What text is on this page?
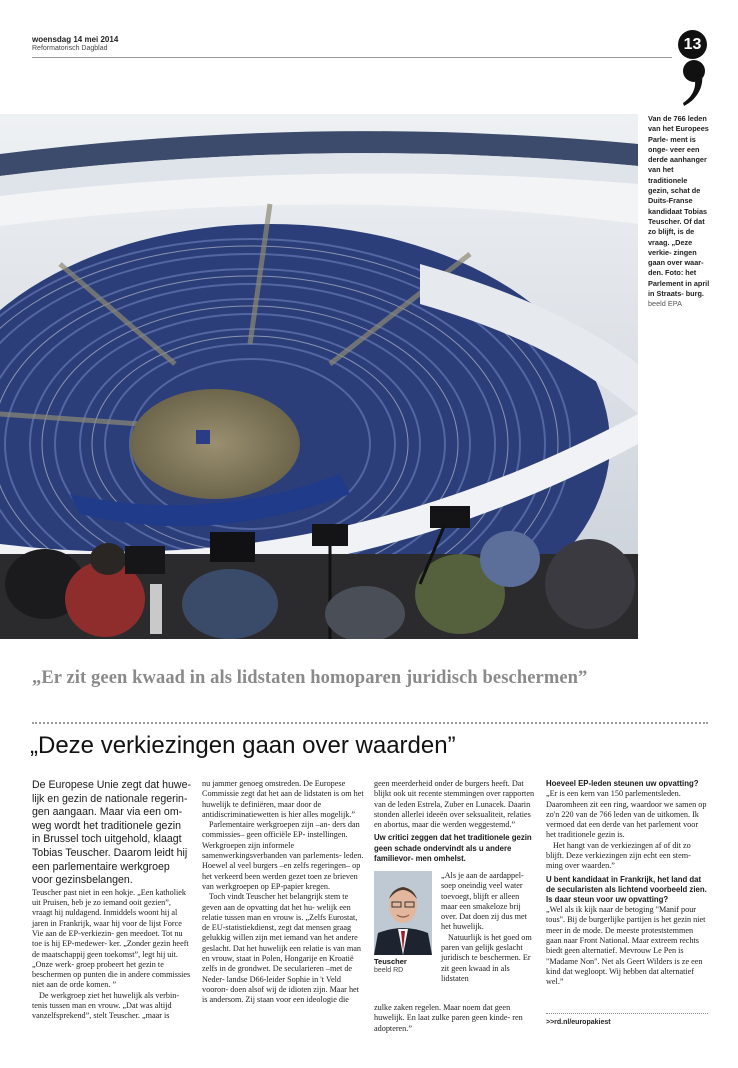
woensdag 14 mei 2014
Reformatorisch Dagblad	13
Van de 766 leden van het Europees Parle- ment is onge- veer een derde aanhanger van het traditionele gezin, schat de Duits-Franse kandidaat Tobias Teuscher. Of dat zo blijft, is de vraag. „Deze verkie- zingen gaan over waar- den. Foto: het Parlement in april in Straats- burg. beeld EPA
„Er zit geen kwaad in als lidstaten homoparen juridisch beschermen”
„Deze verkiezingen gaan over waarden”

De Europese Unie zegt dat huwe- lijk en gezin de nationale regerin- gen aangaan. Maar via een om- weg wordt het traditionele gezin in Brussel toch uitgehold, klaagt Tobias Teuscher. Daarom leidt hij een parlementaire werkgroep voor gezinsbelangen.

Teuscher past niet in een hokje. „Een katholiek uit Pruisen, heb je zo iemand ooit gezien”, vraagt hij nuldagend. Inmiddels woont hij al jaren in Frankrijk, waar hij voor de lijst Force Vie aan de EP-verkiezin- gen meedoet. Tot nu toe is hij EP-medewer- ker. „Zonder gezin heeft de maatschappij geen toekomst”, legt hij uit. „Onze werk- groep probeert het gezin te beschermen op punten die in andere commissies niet aan de orde komen. ”

De werkgroep ziet het huwelijk als verbin- tenis tussen man en vrouw. „Dat was altijd vanzelfsprekend”, stelt Teuscher. „maar is

nu jammer genoeg omstreden. De Europese Commissie zegt dat het aan de lidstaten is om het huwelijk te definiëren, maar door de antidiscriminatiewetten is hier alles mogelijk.”

Parlementaire werkgroepen zijn –an- ders dan commissies– geen officiële EP- instellingen. Werkgroepen zijn informele samenwerkingsverbanden van parlements- leden. Hoewel al veel burgers –en zelfs regeringen– op het verkeerd been werden gezet toen ze brieven van werkgroepen op EP-papier kregen.

Toch vindt Teuscher het belangrijk stem te geven aan de opvatting dat het hu- welijk een relatie tussen man en vrouw is. „Zelfs Eurostat, de EU-statistiekdienst, zegt dat mensen graag gelukkig willen zijn met iemand van het andere geslacht. Dat het huwelijk een relatie is van man en vrouw, staat in Polen, Hongarije en Kroatië zelfs in de grondwet. De secularieren –met de Neder- landse D66-leider Sophie in 't Veld vooroп- doen alsof wij de idioten zijn. Maar het is andersom. Zij staan voor een ideologie die

geen meerderheid onder de burgers heeft. Dat blijkt ook uit recente stemmingen over rapporten van de leden Estrela, Zuber en Lunacek. Daarin stonden allerlei ideeën over seksualiteit, relaties en abortus, maar die werden weggestemd.”

Uw critici zeggen dat het traditionele gezin geen schade ondervindt als u andere familievor- men omhelst.

Teuscher
beeld RD

„Als je aan de aardappel- soep oneindig veel water toevoegt, blijft er alleen maar een smakeloze brij over. Dat doen zij dus met het huwelijk.

Natuurlijk is het goed om paren van gelijk geslacht juridisch te beschermen. Er zit geen kwaad in als lidstaten

zulke zaken regelen. Maar noem dat geen huwelijk. En laat zulke paren geen kinde- ren adopteren.”

Hoeveel EP-leden steunen uw opvatting?

„Er is een kern van 150 parlementsleden. Daaromheen zit een ring, waardoor we samen op zo'n 220 van de 766 leden van de uitkomen. Ik vermoed dat een derde van het parlement voor het traditionele gezin is.

Het hangt van de verkiezingen af of dit zo blijft. Deze verkiezingen zijn echt een stem- ming over waarden.”

U bent kandidaat in Frankrijk, het land dat de secularisten als lichtend voorbeeld zien. Is daar steun voor uw opvatting?

„Wel als ik kijk naar de betoging "Manif pour tous". Bij de burgerlijke partijen is het gezin niet meer in de mode. De meeste proteststemmen gaan naar Front National. Maar extreem rechts biedt geen alternatief. Mevrouw Le Pen is "Madame Non". Net als Geert Wilders is ze een kind dat wegloopt. Wij hebben dat alternatief wel.”

>>rd.nl/europakiest
